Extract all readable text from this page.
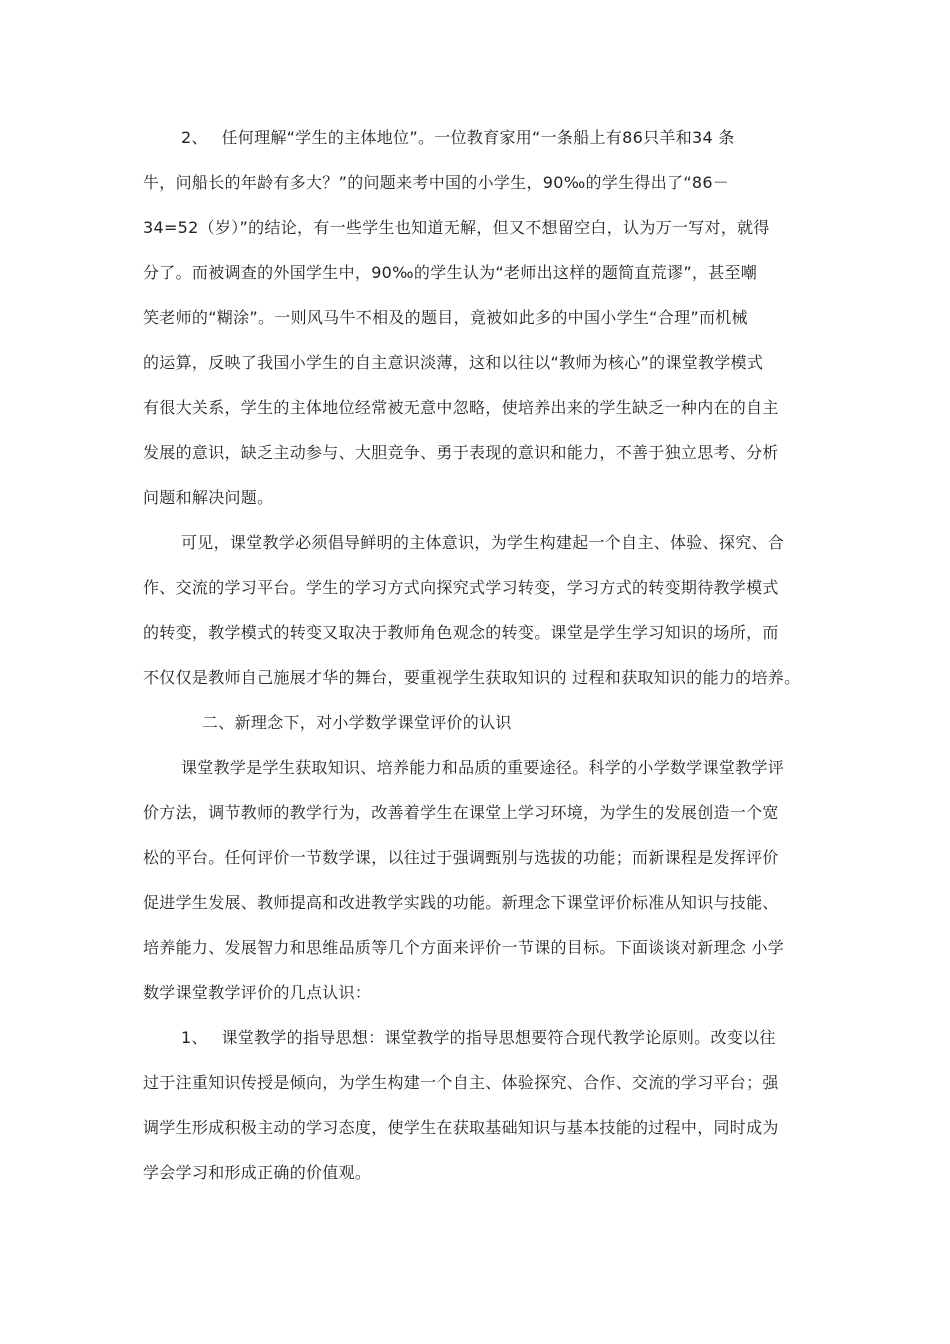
2、　 任何理解“学生的主体地位”。一位教育家用“一条船上有86只羊和34 条
牛，问船长的年龄有多大？”的问题来考中国的小学生，90‰的学生得出了“86－
34=52（岁）”的结论，有一些学生也知道无解，但又不想留空白，认为万一写对，就得
分了。而被调查的外国学生中，90‰的学生认为“老师出这样的题简直荒谬”，甚至嘲
笑老师的“糊涂”。一则风马牛不相及的题目，竟被如此多的中国小学生“合理”而机械
的运算，反映了我国小学生的自主意识淡薄，这和以往以“教师为核心”的课堂教学模式
有很大关系，学生的主体地位经常被无意中忽略，使培养出来的学生缺乏一种内在的自主
发展的意识，缺乏主动参与、大胆竞争、勇于表现的意识和能力，不善于独立思考、分析
问题和解决问题。
可见，课堂教学必须倡导鲜明的主体意识，为学生构建起一个自主、体验、探究、合
作、交流的学习平台。学生的学习方式向探究式学习转变，学习方式的转变期待教学模式
的转变，教学模式的转变又取决于教师角色观念的转变。课堂是学生学习知识的场所，而
不仅仅是教师自己施展才华的舞台，要重视学生获取知识的 过程和获取知识的能力的培养。
二、新理念下，对小学数学课堂评价的认识
课堂教学是学生获取知识、培养能力和品质的重要途径。科学的小学数学课堂教学评
价方法，调节教师的教学行为，改善着学生在课堂上学习环境，为学生的发展创造一个宽
松的平台。任何评价一节数学课，以往过于强调甄别与选拔的功能；而新课程是发挥评价
促进学生发展、教师提高和改进教学实践的功能。新理念下课堂评价标准从知识与技能、
培养能力、发展智力和思维品质等几个方面来评价一节课的目标。下面谈谈对新理念 小学
数学课堂教学评价的几点认识：
1、　 课堂教学的指导思想：课堂教学的指导思想要符合现代教学论原则。改变以往
过于注重知识传授是倾向，为学生构建一个自主、体验探究、合作、交流的学习平台；强
调学生形成积极主动的学习态度，使学生在获取基础知识与基本技能的过程中，同时成为
学会学习和形成正确的价值观。
